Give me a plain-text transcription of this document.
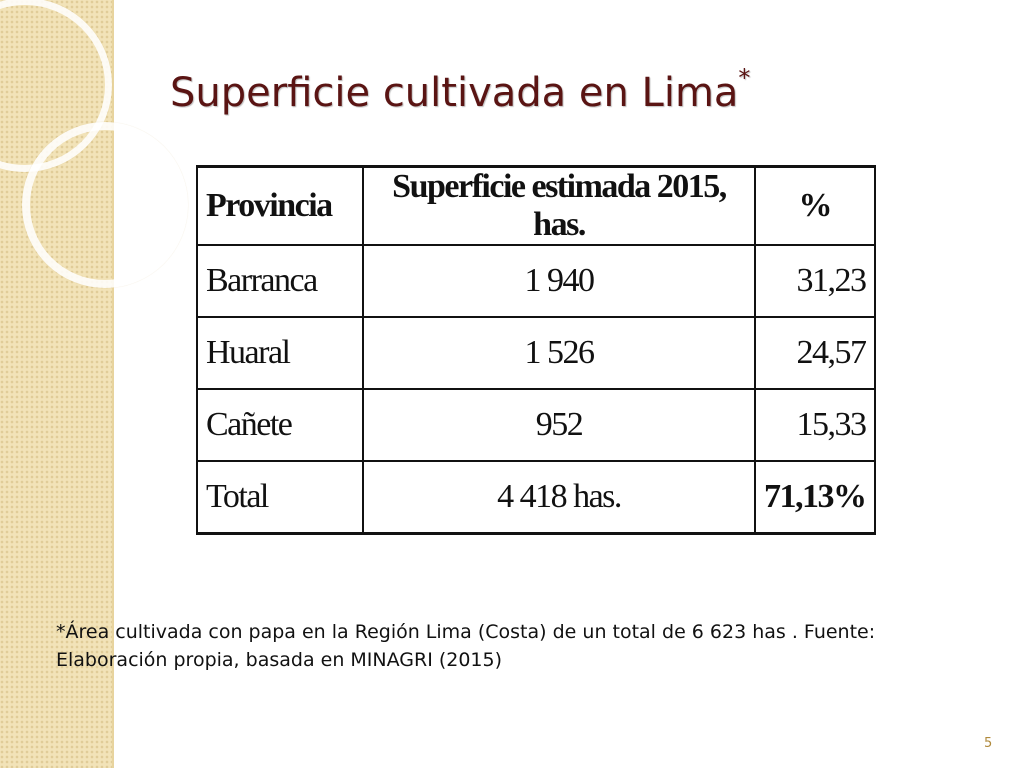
Superficie cultivada en Lima*
Provincia	Superficie estimada 2015, has.	%
Barranca	1 940	31,23
Huaral	1 526	24,57
Cañete	952	15,33
Total	4 418 has.	71,13%

*Área cultivada con papa en la Región Lima (Costa) de un total de 6 623 has . Fuente: Elaboración propia, basada en MINAGRI (2015)

5
